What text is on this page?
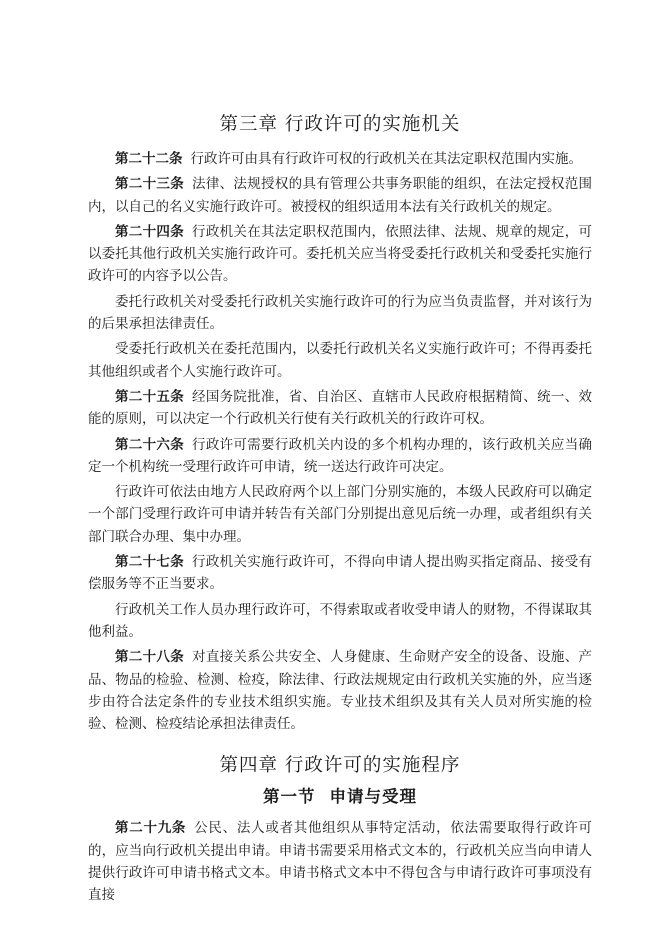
第三章 行政许可的实施机关

第二十二条 行政许可由具有行政许可权的行政机关在其法定职权范围内实施。

第二十三条 法律、法规授权的具有管理公共事务职能的组织，在法定授权范围内，以自己的名义实施行政许可。被授权的组织适用本法有关行政机关的规定。

第二十四条 行政机关在其法定职权范围内，依照法律、法规、规章的规定，可以委托其他行政机关实施行政许可。委托机关应当将受委托行政机关和受委托实施行政许可的内容予以公告。

委托行政机关对受委托行政机关实施行政许可的行为应当负责监督，并对该行为的后果承担法律责任。

受委托行政机关在委托范围内，以委托行政机关名义实施行政许可；不得再委托其他组织或者个人实施行政许可。

第二十五条 经国务院批准，省、自治区、直辖市人民政府根据精简、统一、效能的原则，可以决定一个行政机关行使有关行政机关的行政许可权。

第二十六条 行政许可需要行政机关内设的多个机构办理的，该行政机关应当确定一个机构统一受理行政许可申请，统一送达行政许可决定。

行政许可依法由地方人民政府两个以上部门分别实施的，本级人民政府可以确定一个部门受理行政许可申请并转告有关部门分别提出意见后统一办理，或者组织有关部门联合办理、集中办理。

第二十七条 行政机关实施行政许可，不得向申请人提出购买指定商品、接受有偿服务等不正当要求。

行政机关工作人员办理行政许可，不得索取或者收受申请人的财物，不得谋取其他利益。

第二十八条 对直接关系公共安全、人身健康、生命财产安全的设备、设施、产品、物品的检验、检测、检疫，除法律、行政法规规定由行政机关实施的外，应当逐步由符合法定条件的专业技术组织实施。专业技术组织及其有关人员对所实施的检验、检测、检疫结论承担法律责任。

第四章 行政许可的实施程序
第一节 申请与受理

第二十九条 公民、法人或者其他组织从事特定活动，依法需要取得行政许可的，应当向行政机关提出申请。申请书需要采用格式文本的，行政机关应当向申请人提供行政许可申请书格式文本。申请书格式文本中不得包含与申请行政许可事项没有直接
